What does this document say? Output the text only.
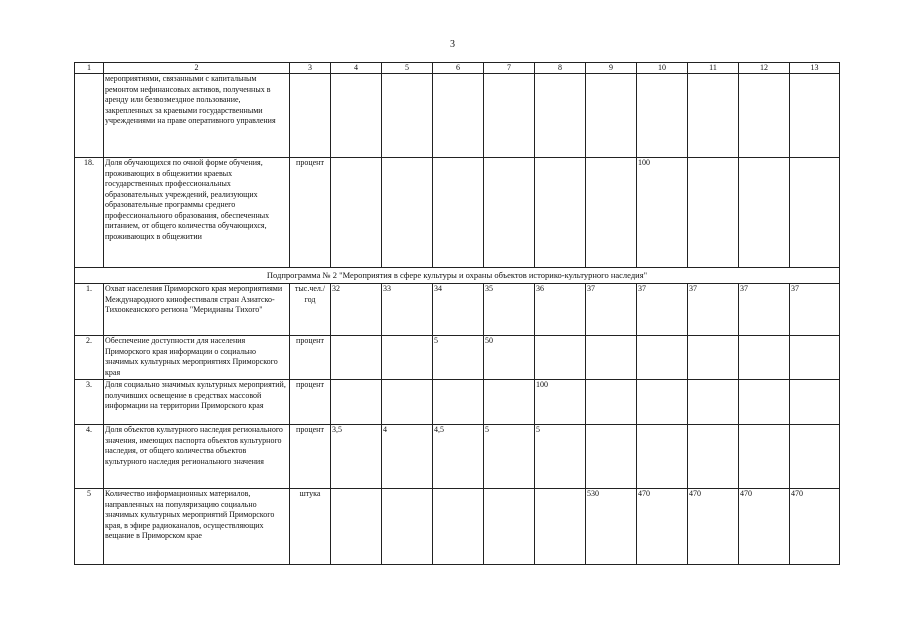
3
1	2	3	4	5	6	7	8	9	10	11	12	13
	мероприятиями, связанными с капитальным ремонтом нефинансовых активов, полученных в аренду или безвозмездное пользование, закрепленных за краевыми государственными учреждениями на праве оперативного управления											
18.	Доля обучающихся по очной форме обучения, проживающих в общежитии краевых государственных профессиональных образовательных учреждений, реализующих образовательные программы среднего профессионального образования, обеспеченных питанием, от общего количества обучающихся, проживающих в общежитии	процент							100			
Подпрограмма № 2 "Мероприятия в сфере культуры и охраны объектов историко-культурного наследия"												
1.	Охват населения Приморского края мероприятиями Международного кинофестиваля стран Азиатско-Тихоокеанского региона "Меридианы Тихого"	тыс.чел./год	32	33	34	35	36	37	37	37	37	37
2.	Обеспечение доступности для населения Приморского края информации о социально значимых культурных мероприятиях Приморского края	процент			5	50						
3.	Доля социально значимых культурных мероприятий, получивших освещение в средствах массовой информации на территории Приморского края	процент					100					
4.	Доля объектов культурного наследия регионального значения, имеющих паспорта объектов культурного наследия, от общего количества объектов культурного наследия регионального значения	процент	3,5	4	4,5	5	5					
5	Количество информационных материалов, направленных на популяризацию социально значимых культурных мероприятий Приморского края, в эфире радиоканалов, осуществляющих вещание в Приморском крае	штука						530	470	470	470	470
